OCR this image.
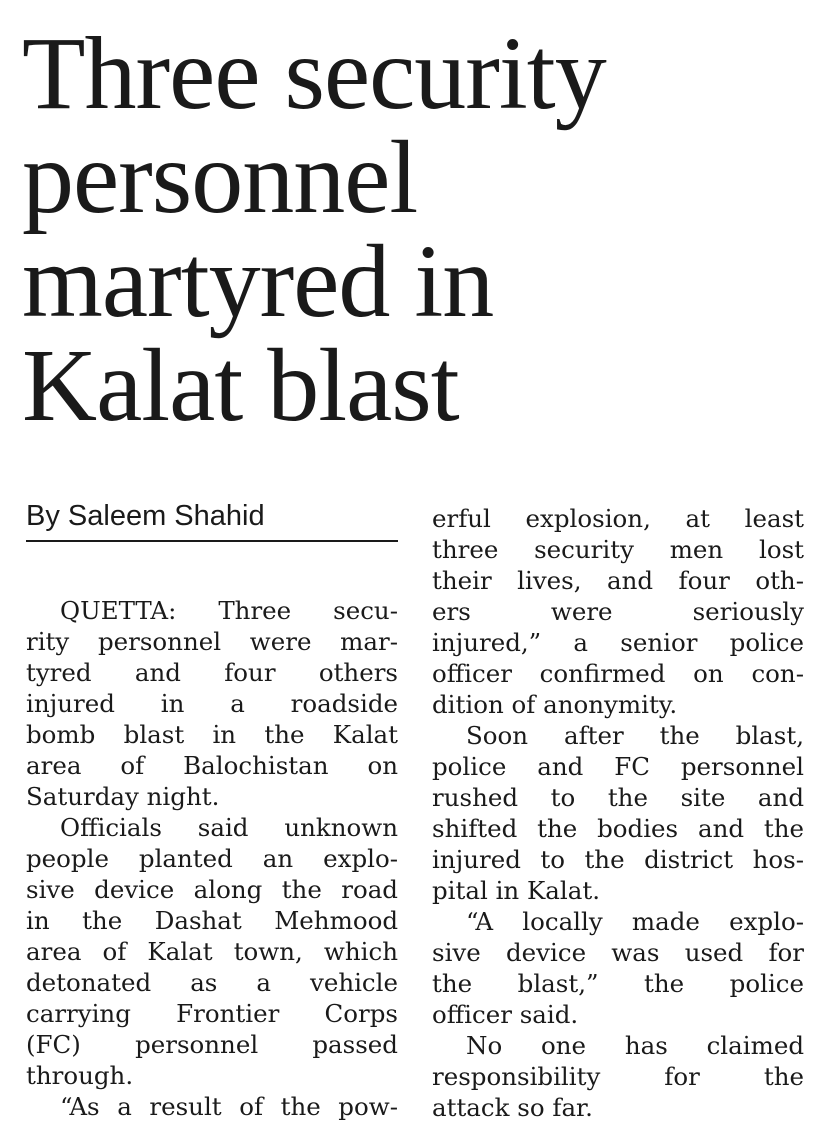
Three security
personnel
martyred in
Kalat blast
By Saleem Shahid
QUETTA: Three secu-
rity personnel were mar-
tyred and four others
injured in a roadside
bomb blast in the Kalat
area of Balochistan on
Saturday night.
Officials said unknown
people planted an explo-
sive device along the road
in the Dashat Mehmood
area of Kalat town, which
detonated as a vehicle
carrying Frontier Corps
(FC) personnel passed
through.
“As a result of the pow-
erful explosion, at least
three security men lost
their lives, and four oth-
ers were seriously
injured,” a senior police
officer confirmed on con-
dition of anonymity.
Soon after the blast,
police and FC personnel
rushed to the site and
shifted the bodies and the
injured to the district hos-
pital in Kalat.
“A locally made explo-
sive device was used for
the blast,” the police
officer said.
No one has claimed
responsibility for the
attack so far.
